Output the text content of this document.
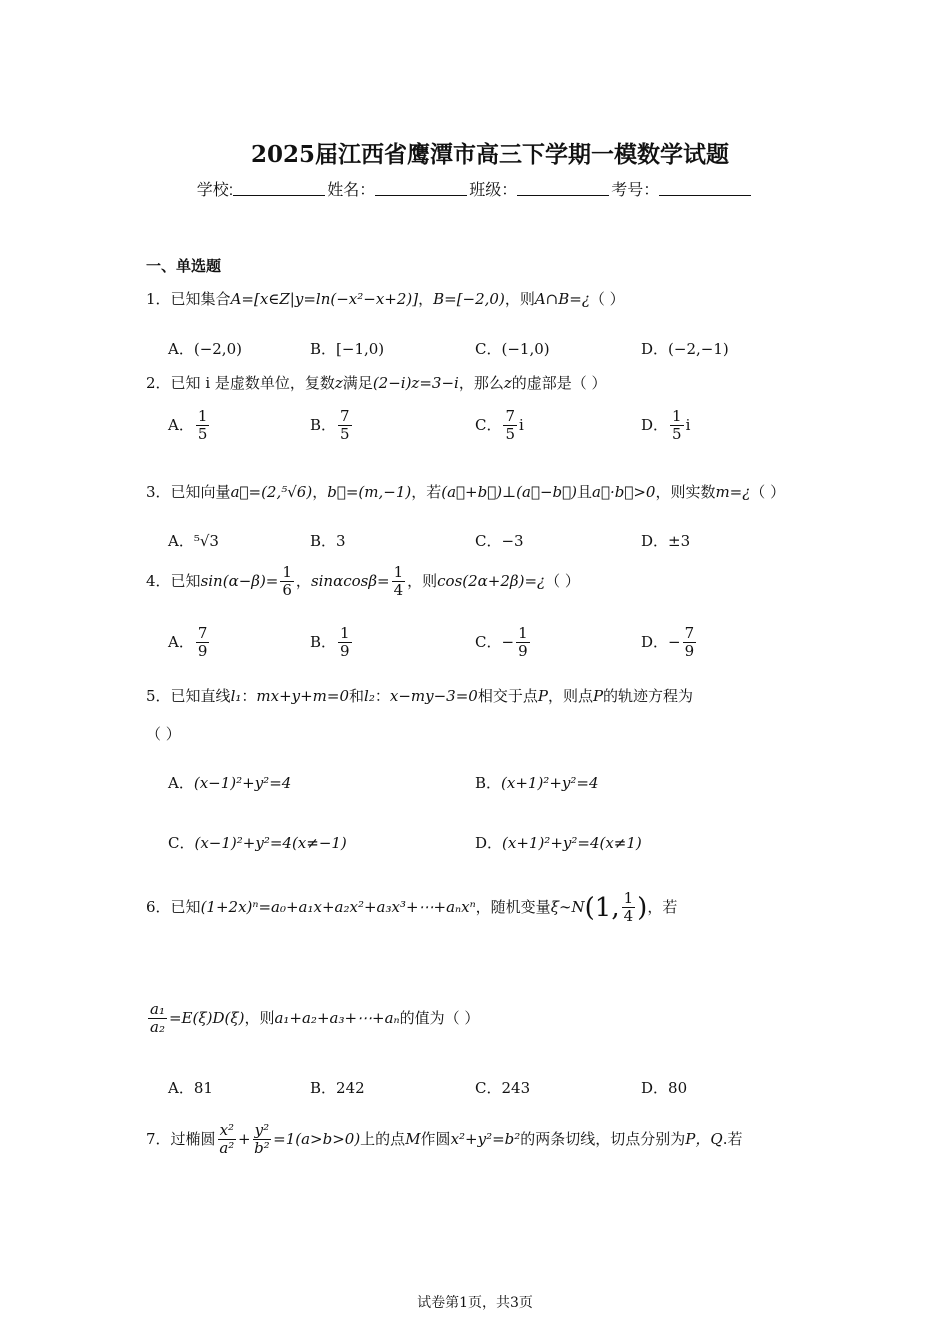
2025届江西省鹰潭市高三下学期一模数学试题
学校:	姓名：	班级：	考号：
一、单选题
1．已知集合A=[x∈Z|y=ln(−x²−x+2)]，B=[−2,0)，则A∩B=¿（ ）
A．(−2,0)	B．[−1,0)	C．(−1,0)	D．(−2,−1)
2．已知 i 是虚数单位，复数z满足(2−i)z=3−i，那么z的虚部是（ ）
A． $\frac{1}{5}$	B． $\frac{7}{5}$	C． $\frac{7}{5}$ i	D． $\frac{1}{5}$ i
3．已知向量a⃗=(2,⁵√6)，b⃗=(m,−1)，若(a⃗+b⃗)⊥(a⃗−b⃗)且a⃗·b⃗>0，则实数m=¿（ ）
A．⁵√3	B．3	C．−3	D．±3
4．已知$\sin(\alpha-\beta)= \frac{1}{6}$ ，$\sin\alpha\cos\beta= \frac{1}{4}$ ，则cos(2α+2β)=¿（ ）
A． $\frac{7}{9}$	B． $\frac{1}{9}$	C．− $\frac{1}{9}$	D．− $\frac{7}{9}$
5．已知直线l₁：mx+y+m=0和l₂：x−my−3=0相交于点P，则点P的轨迹方程为
（ ）
A．(x−1)²+y²=4	B．(x+1)²+y²=4
C．(x−1)²+y²=4(x≠−1)	D．(x+1)²+y²=4(x≠1)
6．已知(1+2x)ⁿ=a₀+a₁x+a₂x²+a₃x³+⋯+aₙxⁿ，随机变量ξ∼N(1, $\frac{1}{4}$ )，若
$\frac{\text{a₁}}{\text{a₂}} =E(\xi)D(\xi)$，则a₁+a₂+a₃+⋯+aₙ的值为（ ）
A．81	B．242	C．243	D．80
7．过椭圆 $\frac{\text{x²}}{\text{a²}} + \frac{\text{y²}}{\text{b²}} =1(a>b>0)$上的点M作圆x²+y²=b²的两条切线，切点分别为P，Q.若
试卷第1页，共3页
